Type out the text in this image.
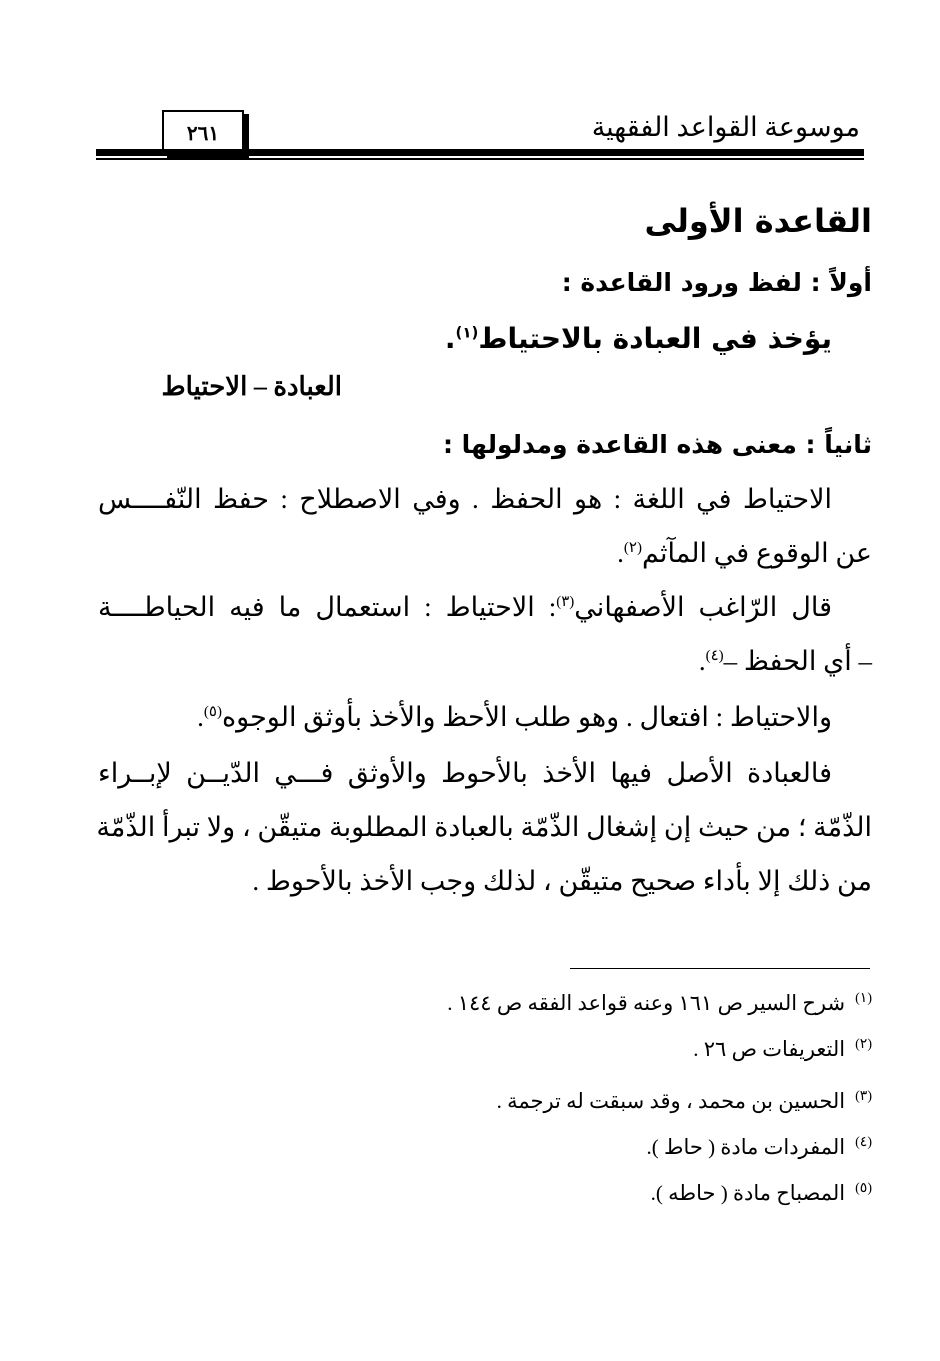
موسوعة القواعد الفقهية
٢٦١
القاعدة الأولى
أولاً : لفظ ورود القاعدة :
يؤخذ في العبادة بالاحتياط$^{(١)}$.
العبادة – الاحتياط
ثانياً : معنى هذه القاعدة ومدلولها :
الاحتياط في اللغة : هو الحفظ . وفي الاصطلاح : حفظ النّفــــس
عن الوقوع في المآثم$^{(٢)}$.
قال الرّاغب الأصفهاني$^{(٣)}$: الاحتياط : استعمال ما فيه الحياطــــة
– أي الحفظ –$^{(٤)}$.
والاحتياط : افتعال . وهو طلب الأحظ والأخذ بأوثق الوجوه$^{(٥)}$.
فالعبادة الأصل فيها الأخذ بالأحوط والأوثق فـــي الدّيــن لإبــراء
الذّمّة ؛ من حيث إن إشغال الذّمّة بالعبادة المطلوبة متيقّن ، ولا تبرأ الذّمّة
من ذلك إلا بأداء صحيح متيقّن ، لذلك وجب الأخذ بالأحوط .
$^{(١)}$شرح السير ص ١٦١ وعنه قواعد الفقه ص ١٤٤ .
$^{(٢)}$التعريفات ص ٢٦ .
$^{(٣)}$الحسين بن محمد ، وقد سبقت له ترجمة .
$^{(٤)}$المفردات مادة ( حاط ).
$^{(٥)}$المصباح مادة ( حاطه ).
